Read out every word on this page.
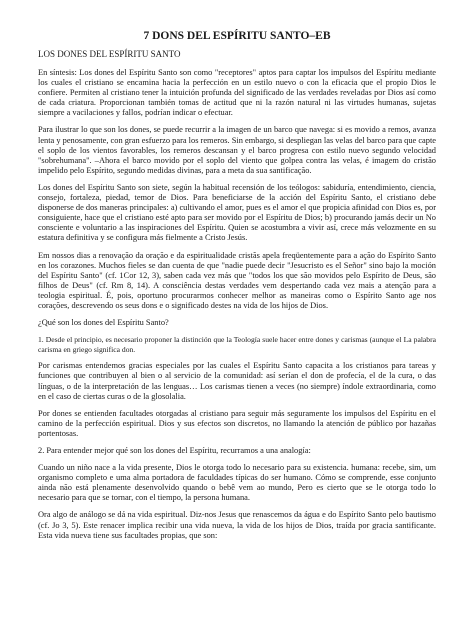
7 DONS DEL ESPÍRITU SANTO–EB
LOS DONES DEL ESPÍRITU SANTO

En síntesis: Los dones del Espíritu Santo son como "receptores" aptos para captar los impulsos del Espíritu mediante los cuales el cristiano se encamina hacia la perfección en un estilo nuevo o con la eficacia que el propio Dios le confiere. Permiten al cristiano tener la intuición profunda del significado de las verdades reveladas por Dios así como de cada criatura. Proporcionan también tomas de actitud que ni la razón natural ni las virtudes humanas, sujetas siempre a vacilaciones y fallos, podrían indicar o efectuar.

Para ilustrar lo que son los dones, se puede recurrir a la imagen de un barco que navega: si es movido a remos, avanza lenta y penosamente, con gran esfuerzo para los remeros. Sin embargo, si despliegan las velas del barco para que capte el soplo de los vientos favorables, los remeros descansan y el barco progresa con estilo nuevo segundo velocidad "sobrehumana". –Ahora el barco movido por el soplo del viento que golpea contra las velas, é imagem do cristão impelido pelo Espírito, segundo medidas divinas, para a meta da sua santificação.

Los dones del Espíritu Santo son siete, según la habitual recensión de los teólogos: sabiduría, entendimiento, ciencia, consejo, fortaleza, piedad, temor de Dios. Para beneficiarse de la acción del Espíritu Santo, el cristiano debe disponerse de dos maneras principales: a) cultivando el amor, pues es el amor el que propicia afinidad con Dios es, por consiguiente, hace que el cristiano esté apto para ser movido por el Espíritu de Dios; b) procurando jamás decir un No consciente e voluntario a las inspiraciones del Espíritu. Quien se acostumbra a vivir así, crece más velozmente en su estatura definitiva y se configura más fielmente a Cristo Jesús.

Em nossos dias a renovação da oração e da espiritualidade cristãs apela freqüentemente para a ação do Espírito Santo en los corazones. Muchos fieles se dan cuenta de que "nadie puede decir "Jesucristo es el Señor" sino bajo la moción del Espíritu Santo" (cf. 1Cor 12, 3), saben cada vez más que "todos los que são movidos pelo Espírito de Deus, são filhos de Deus" (cf. Rm 8, 14). A consciência destas verdades vem despertando cada vez mais a atenção para a teologia espiritual. É, pois, oportuno procurarmos conhecer melhor as maneiras como o Espírito Santo age nos corações, descrevendo os seus dons e o significado destes na vida de los hijos de Dios.

¿Qué son los dones del Espíritu Santo?

1. Desde el principio, es necesario proponer la distinción que la Teología suele hacer entre dones y carismas (aunque el La palabra carisma en griego significa don.

Por carismas entendemos gracias especiales por las cuales el Espíritu Santo capacita a los cristianos para tareas y funciones que contribuyen al bien o al servicio de la comunidad: así serían el don de profecía, el de la cura, o das línguas, o de la interpretación de las lenguas… Los carismas tienen a veces (no siempre) índole extraordinaria, como en el caso de ciertas curas o de la glosolalia.

Por dones se entienden facultades otorgadas al cristiano para seguir más seguramente los impulsos del Espíritu en el camino de la perfección espiritual. Dios y sus efectos son discretos, no llamando la atención de público por hazañas portentosas.

2. Para entender mejor qué son los dones del Espíritu, recurramos a una analogía:

Cuando un niño nace a la vida presente, Dios le otorga todo lo necesario para su existencia. humana: recebe, sim, um organismo completo e uma alma portadora de faculdades típicas do ser humano. Cómo se comprende, esse conjunto ainda não está plenamente desenvolvido quando o bebê vem ao mundo, Pero es cierto que se le otorga todo lo necesario para que se tornar, con el tiempo, la persona humana.

Ora algo de análogo se dá na vida espiritual. Diz-nos Jesus que renascemos da água e do Espírito Santo pelo bautismo (cf. Jo 3, 5). Este renacer implica recibir una vida nueva, la vida de los hijos de Dios, traída por gracia santificante. Esta vida nueva tiene sus facultades propias, que son:
